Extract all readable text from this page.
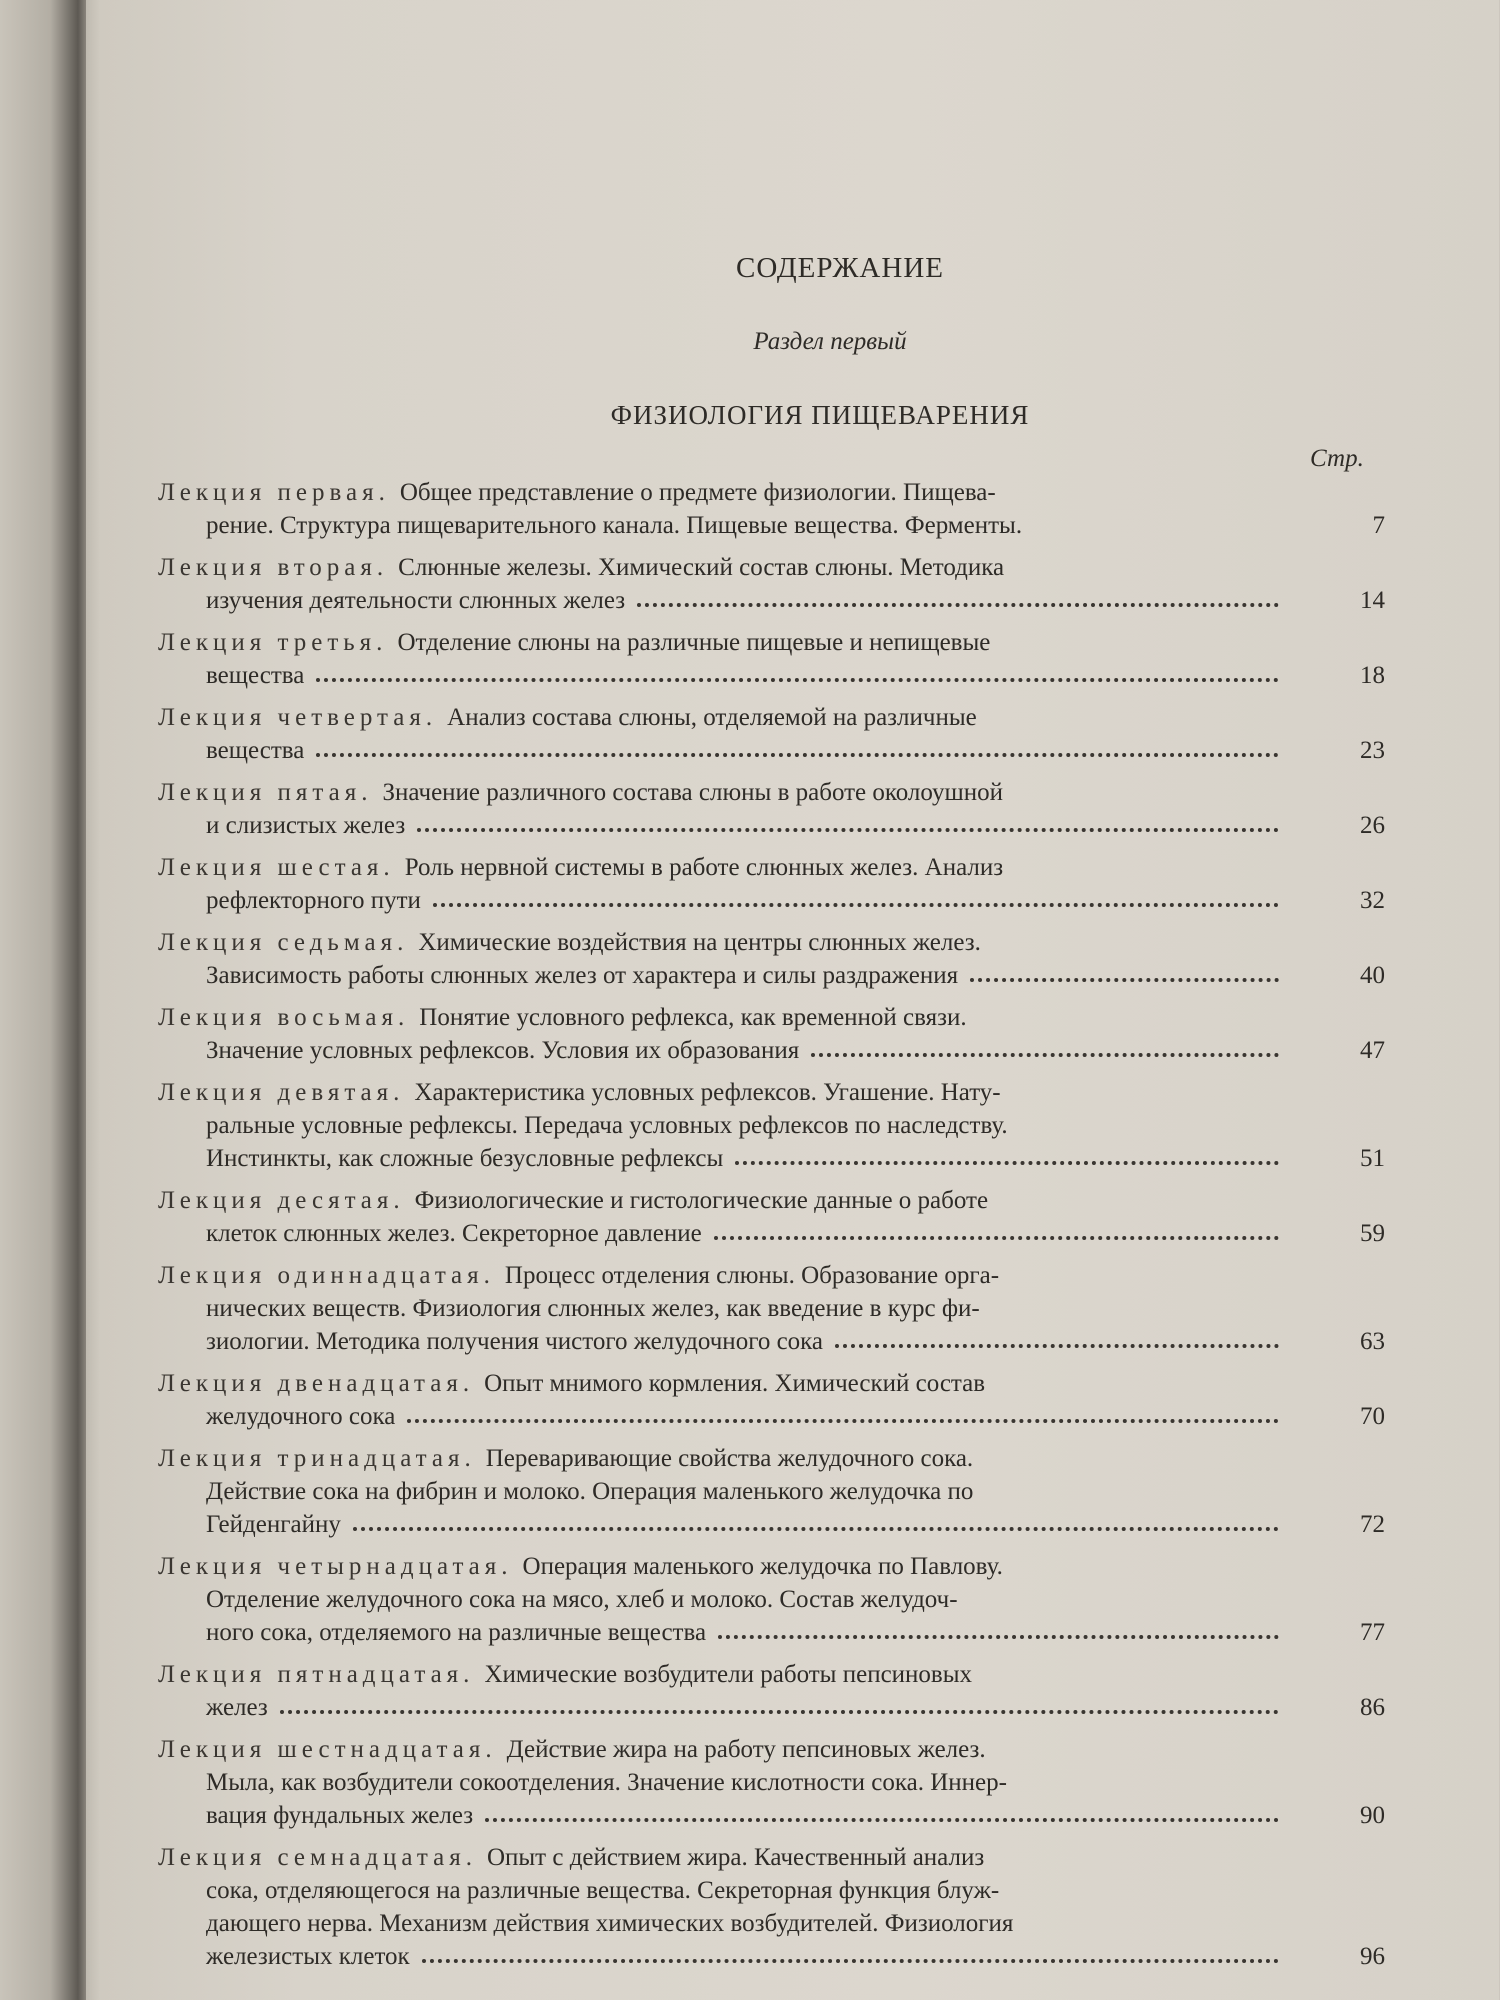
СОДЕРЖАНИЕ
Раздел первый
ФИЗИОЛОГИЯ ПИЩЕВАРЕНИЯ
Стр.
Лекция первая. Общее представление о предмете физиологии. Пищева-
рение. Структура пищеварительного канала. Пищевые вещества. Ферменты.	7
Лекция вторая. Слюнные железы. Химический состав слюны. Методика
изучения деятельности слюнных желез	14
Лекция третья. Отделение слюны на различные пищевые и непищевые
вещества	18
Лекция четвертая. Анализ состава слюны, отделяемой на различные
вещества	23
Лекция пятая. Значение различного состава слюны в работе околоушной
и слизистых желез	26
Лекция шестая. Роль нервной системы в работе слюнных желез. Анализ
рефлекторного пути	32
Лекция седьмая. Химические воздействия на центры слюнных желез.
Зависимость работы слюнных желез от характера и силы раздражения	40
Лекция восьмая. Понятие условного рефлекса, как временной связи.
Значение условных рефлексов. Условия их образования	47
Лекция девятая. Характеристика условных рефлексов. Угашение. Нату-
ральные условные рефлексы. Передача условных рефлексов по наследству.
Инстинкты, как сложные безусловные рефлексы	51
Лекция десятая. Физиологические и гистологические данные о работе
клеток слюнных желез. Секреторное давление	59
Лекция одиннадцатая. Процесс отделения слюны. Образование орга-
нических веществ. Физиология слюнных желез, как введение в курс фи-
зиологии. Методика получения чистого желудочного сока	63
Лекция двенадцатая. Опыт мнимого кормления. Химический состав
желудочного сока	70
Лекция тринадцатая. Переваривающие свойства желудочного сока.
Действие сока на фибрин и молоко. Операция маленького желудочка по
Гейденгайну	72
Лекция четырнадцатая. Операция маленького желудочка по Павлову.
Отделение желудочного сока на мясо, хлеб и молоко. Состав желудоч-
ного сока, отделяемого на различные вещества	77
Лекция пятнадцатая. Химические возбудители работы пепсиновых
желез	86
Лекция шестнадцатая. Действие жира на работу пепсиновых желез.
Мыла, как возбудители сокоотделения. Значение кислотности сока. Иннер-
вация фундальных желез	90
Лекция семнадцатая. Опыт с действием жира. Качественный анализ
сока, отделяющегося на различные вещества. Секреторная функция блуж-
дающего нерва. Механизм действия химических возбудителей. Физиология
железистых клеток	96
